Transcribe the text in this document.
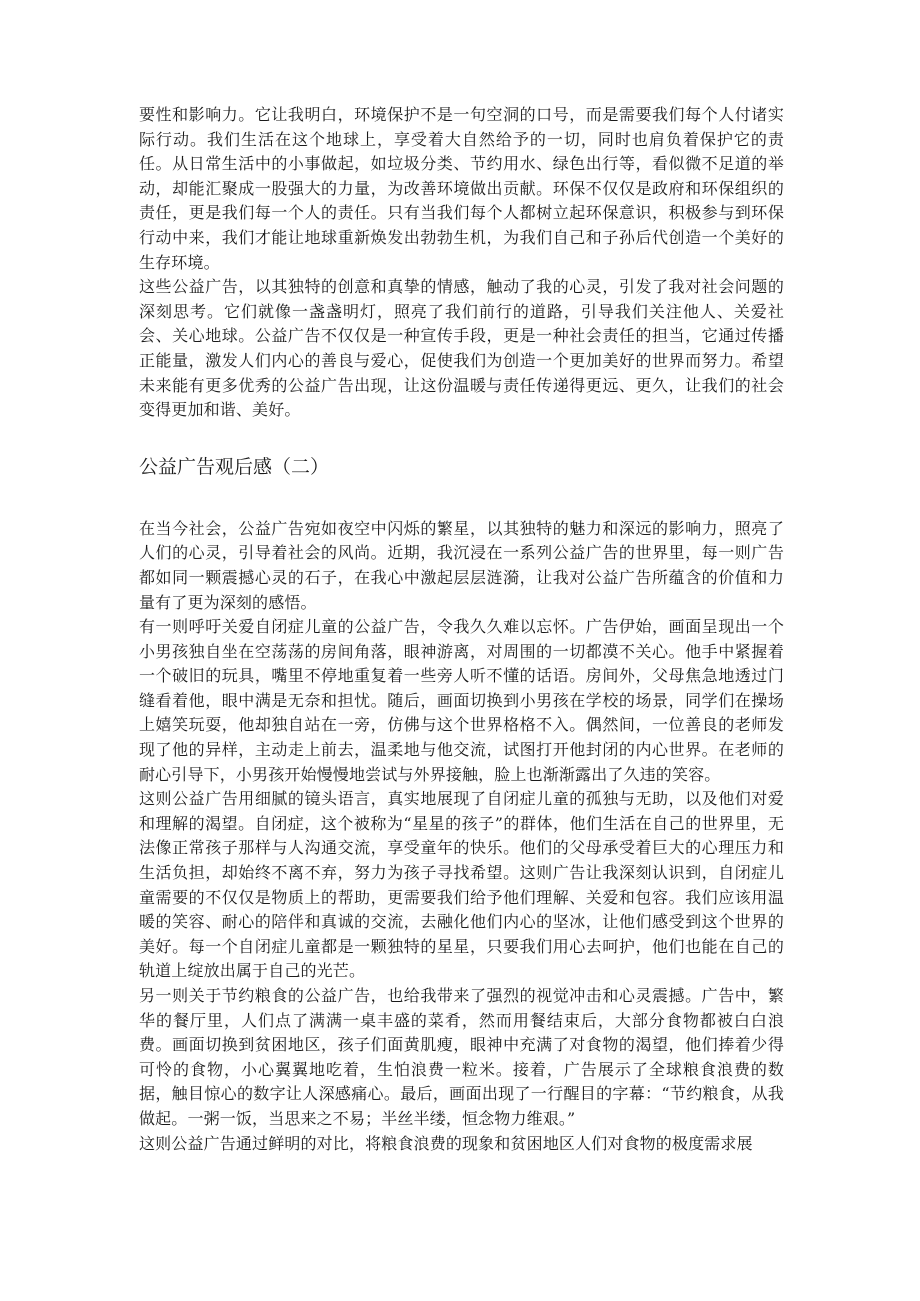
要性和影响力。它让我明白，环境保护不是一句空洞的口号，而是需要我们每个人付诸实际行动。我们生活在这个地球上，享受着大自然给予的一切，同时也肩负着保护它的责任。从日常生活中的小事做起，如垃圾分类、节约用水、绿色出行等，看似微不足道的举动，却能汇聚成一股强大的力量，为改善环境做出贡献。环保不仅仅是政府和环保组织的责任，更是我们每一个人的责任。只有当我们每个人都树立起环保意识，积极参与到环保行动中来，我们才能让地球重新焕发出勃勃生机，为我们自己和子孙后代创造一个美好的生存环境。

这些公益广告，以其独特的创意和真挚的情感，触动了我的心灵，引发了我对社会问题的深刻思考。它们就像一盏盏明灯，照亮了我们前行的道路，引导我们关注他人、关爱社会、关心地球。公益广告不仅仅是一种宣传手段，更是一种社会责任的担当，它通过传播正能量，激发人们内心的善良与爱心，促使我们为创造一个更加美好的世界而努力。希望未来能有更多优秀的公益广告出现，让这份温暖与责任传递得更远、更久，让我们的社会变得更加和谐、美好。

公益广告观后感（二）

在当今社会，公益广告宛如夜空中闪烁的繁星，以其独特的魅力和深远的影响力，照亮了人们的心灵，引导着社会的风尚。近期，我沉浸在一系列公益广告的世界里，每一则广告都如同一颗震撼心灵的石子，在我心中激起层层涟漪，让我对公益广告所蕴含的价值和力量有了更为深刻的感悟。

有一则呼吁关爱自闭症儿童的公益广告，令我久久难以忘怀。广告伊始，画面呈现出一个小男孩独自坐在空荡荡的房间角落，眼神游离，对周围的一切都漠不关心。他手中紧握着一个破旧的玩具，嘴里不停地重复着一些旁人听不懂的话语。房间外，父母焦急地透过门缝看着他，眼中满是无奈和担忧。随后，画面切换到小男孩在学校的场景，同学们在操场上嬉笑玩耍，他却独自站在一旁，仿佛与这个世界格格不入。偶然间，一位善良的老师发现了他的异样，主动走上前去，温柔地与他交流，试图打开他封闭的内心世界。在老师的耐心引导下，小男孩开始慢慢地尝试与外界接触，脸上也渐渐露出了久违的笑容。

这则公益广告用细腻的镜头语言，真实地展现了自闭症儿童的孤独与无助，以及他们对爱和理解的渴望。自闭症，这个被称为“星星的孩子”的群体，他们生活在自己的世界里，无法像正常孩子那样与人沟通交流，享受童年的快乐。他们的父母承受着巨大的心理压力和生活负担，却始终不离不弃，努力为孩子寻找希望。这则广告让我深刻认识到，自闭症儿童需要的不仅仅是物质上的帮助，更需要我们给予他们理解、关爱和包容。我们应该用温暖的笑容、耐心的陪伴和真诚的交流，去融化他们内心的坚冰，让他们感受到这个世界的美好。每一个自闭症儿童都是一颗独特的星星，只要我们用心去呵护，他们也能在自己的轨道上绽放出属于自己的光芒。

另一则关于节约粮食的公益广告，也给我带来了强烈的视觉冲击和心灵震撼。广告中，繁华的餐厅里，人们点了满满一桌丰盛的菜肴，然而用餐结束后，大部分食物都被白白浪费。画面切换到贫困地区，孩子们面黄肌瘦，眼神中充满了对食物的渴望，他们捧着少得可怜的食物，小心翼翼地吃着，生怕浪费一粒米。接着，广告展示了全球粮食浪费的数据，触目惊心的数字让人深感痛心。最后，画面出现了一行醒目的字幕：“节约粮食，从我做起。一粥一饭，当思来之不易；半丝半缕，恒念物力维艰。”

这则公益广告通过鲜明的对比，将粮食浪费的现象和贫困地区人们对食物的极度需求展
